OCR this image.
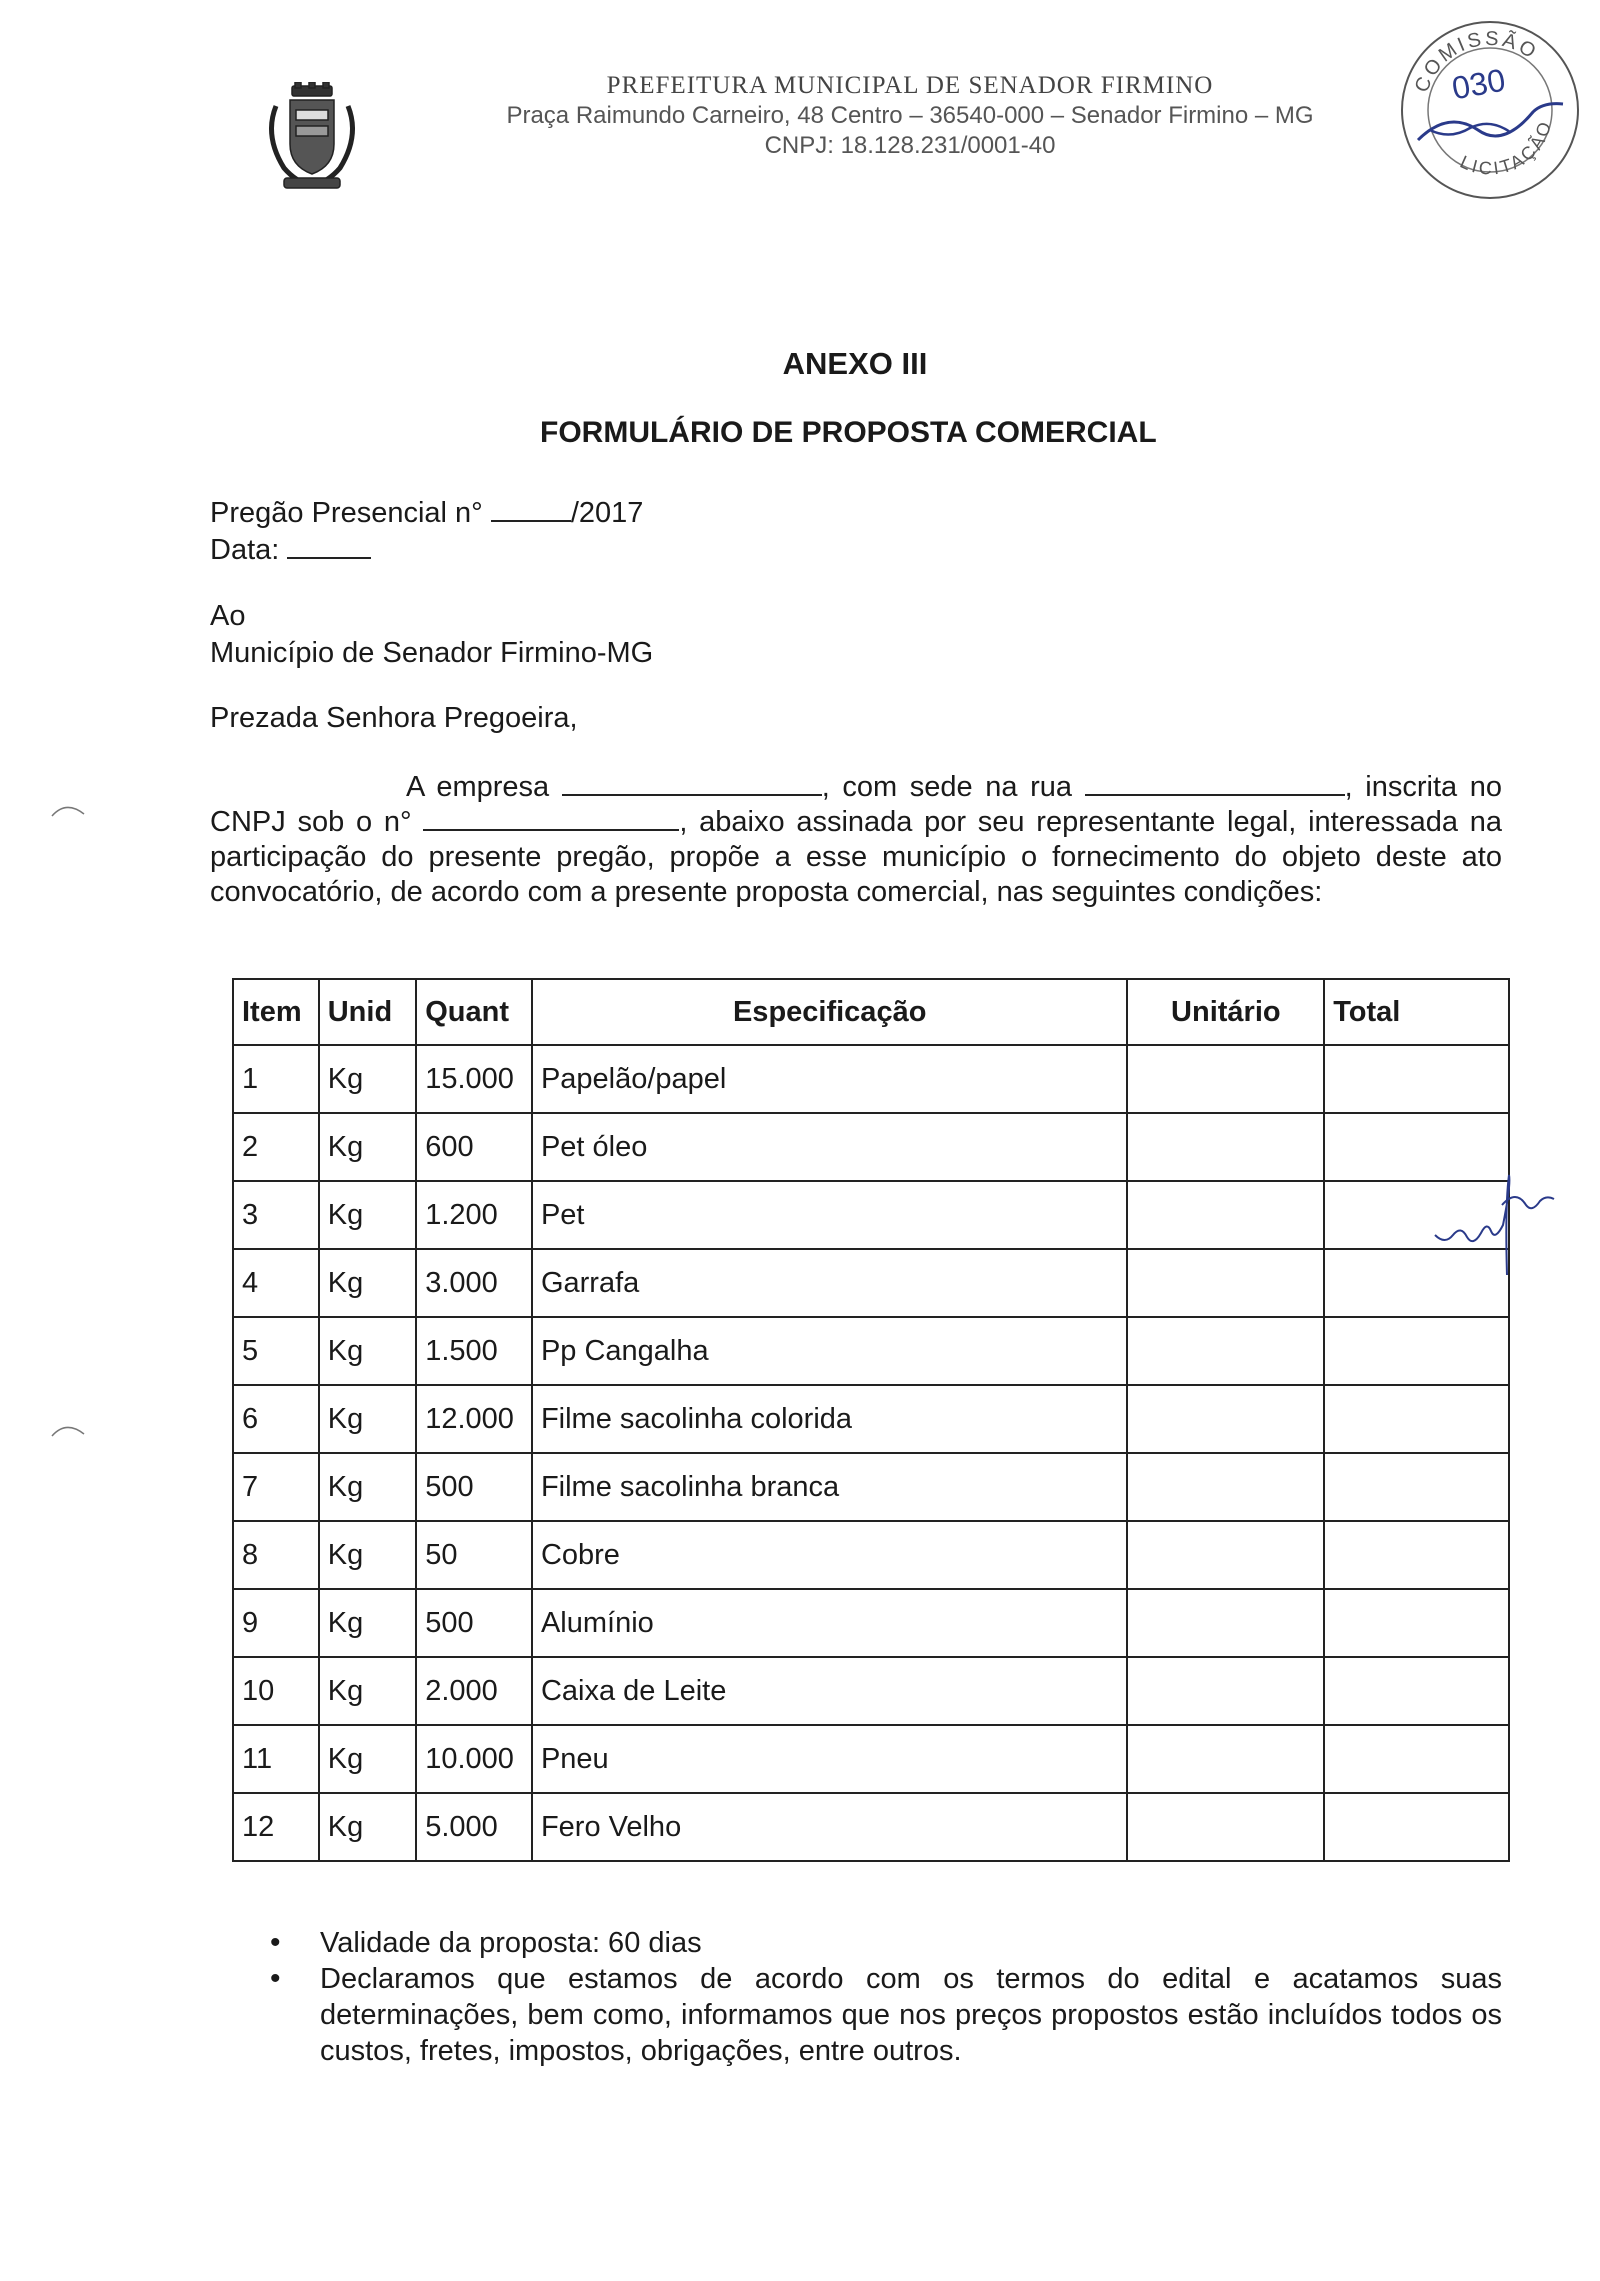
PREFEITURA MUNICIPAL DE SENADOR FIRMINO
Praça Raimundo Carneiro, 48 Centro – 36540-000 – Senador Firmino – MG
CNPJ: 18.128.231/0001-40
COMISSÃO
LICITAÇÃO
030
ANEXO III
FORMULÁRIO DE PROPOSTA COMERCIAL
Pregão Presencial n°	/2017
Data:
Ao
Município de Senador Firmino-MG
Prezada Senhora Pregoeira,
A empresa	, com sede na rua	, inscrita no CNPJ sob o n°	, abaixo assinada por seu representante legal, interessada na participação do presente pregão, propõe a esse município o fornecimento do objeto deste ato convocatório, de acordo com a presente proposta comercial, nas seguintes condições:
Item	Unid	Quant	Especificação	Unitário	Total
1	Kg	15.000	Papelão/papel		
2	Kg	600	Pet óleo		
3	Kg	1.200	Pet		
4	Kg	3.000	Garrafa		
5	Kg	1.500	Pp Cangalha		
6	Kg	12.000	Filme sacolinha colorida		
7	Kg	500	Filme sacolinha branca		
8	Kg	50	Cobre		
9	Kg	500	Alumínio		
10	Kg	2.000	Caixa de Leite		
11	Kg	10.000	Pneu		
12	Kg	5.000	Fero Velho		
• Validade da proposta: 60 dias
• Declaramos que estamos de acordo com os termos do edital e acatamos suas determinações, bem como, informamos que nos preços propostos estão incluídos todos os custos, fretes, impostos, obrigações, entre outros.
